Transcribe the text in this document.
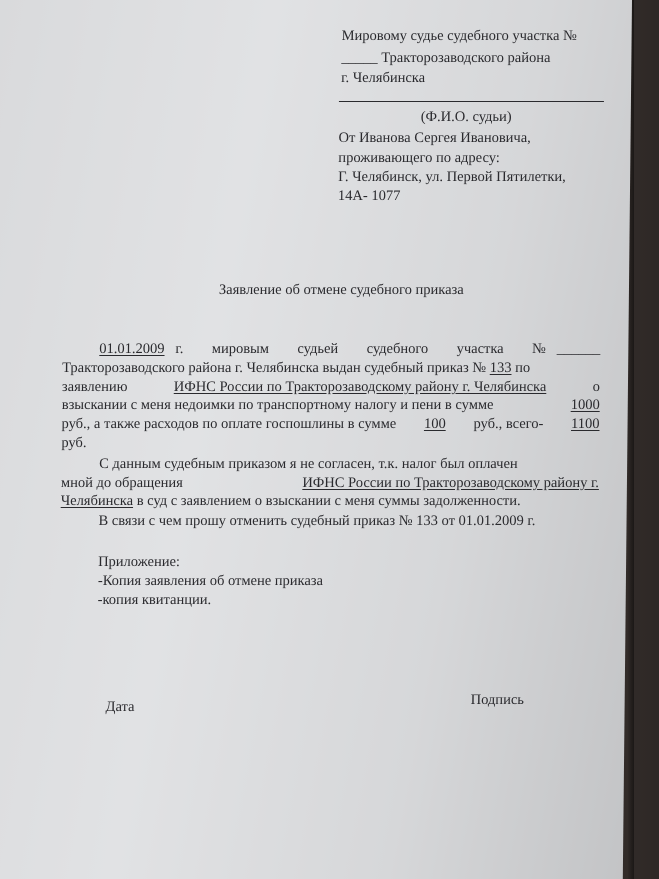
Мировому судье судебного участка №
_____ Тракторозаводского района
г. Челябинска
(Ф.И.О. судьи)
От Иванова Сергея Ивановича,
проживающего по адресу:
Г. Челябинск, ул. Первой Пятилетки,
14А- 1077
Заявление об отмене судебного приказа
01.01.2009 г. мировым судьей судебного участка № ______
Тракторозаводского района г. Челябинска выдан судебный приказ № 133 по
заявлению	ИФНС России по Тракторозаводскому району г. Челябинска	о
взыскании с меня недоимки по транспортному налогу и пени в сумме	1000
руб., а также расходов по оплате госпошлины в сумме 100 руб., всего- 1100
руб.
С данным судебным приказом я не согласен, т.к. налог был оплачен
мной до обращения	ИФНС России по Тракторозаводскому району г.
Челябинска в суд с заявлением о взыскании с меня суммы задолженности.
В связи с чем прошу отменить судебный приказ № 133 от 01.01.2009 г.
Приложение:
-Копия заявления об отмене приказа
-копия квитанции.
Дата	Подпись
